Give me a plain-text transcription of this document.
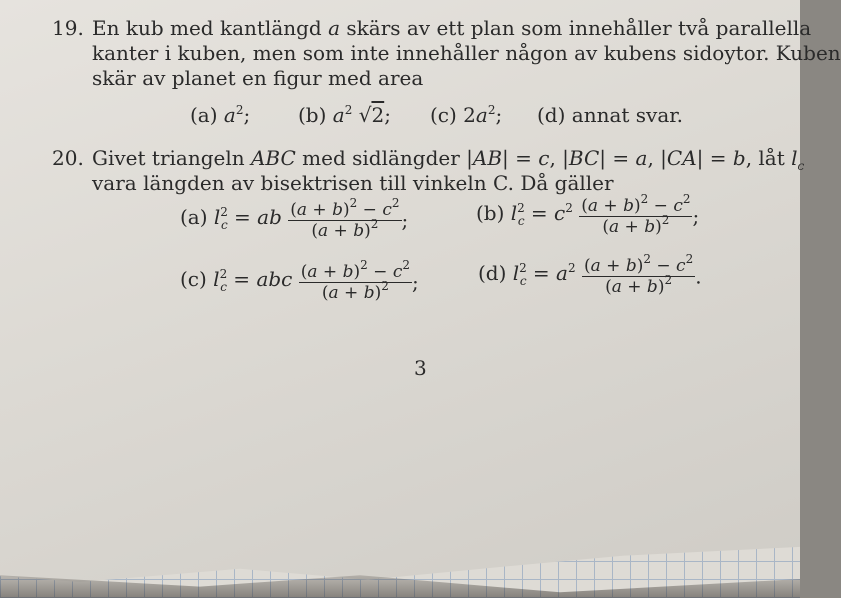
19. En kub med kantlängd a skärs av ett plan som innehåller två parallella
kanter i kuben, men som inte innehåller någon av kubens sidoytor. Kuben
skär av planet en figur med area
(a) $a^2$; (b) $a^2$ √2; (c) $2a^2$; (d) annat svar.
20. Givet triangeln ABC med sidlängder |AB| = c, |BC| = a, |CA| = b, låt $l_c$
vara längden av bisektrisen till vinkeln C. Då gäller
(a) $l^2_c$ = ab $\frac{(a + b)^2 - c^2}{(a + b)^2}$ ;	(b) $l^2_c = c^2 \frac{(a + b)^2 - c^2}{(a + b)^2}$ ;
(c) $l^2_c$ = abc $\frac{(a + b)^2 - c^2}{(a + b)^2}$ ;	(d) $l^2_c = a^2 \frac{(a + b)^2 - c^2}{(a + b)^2}$ .
3
